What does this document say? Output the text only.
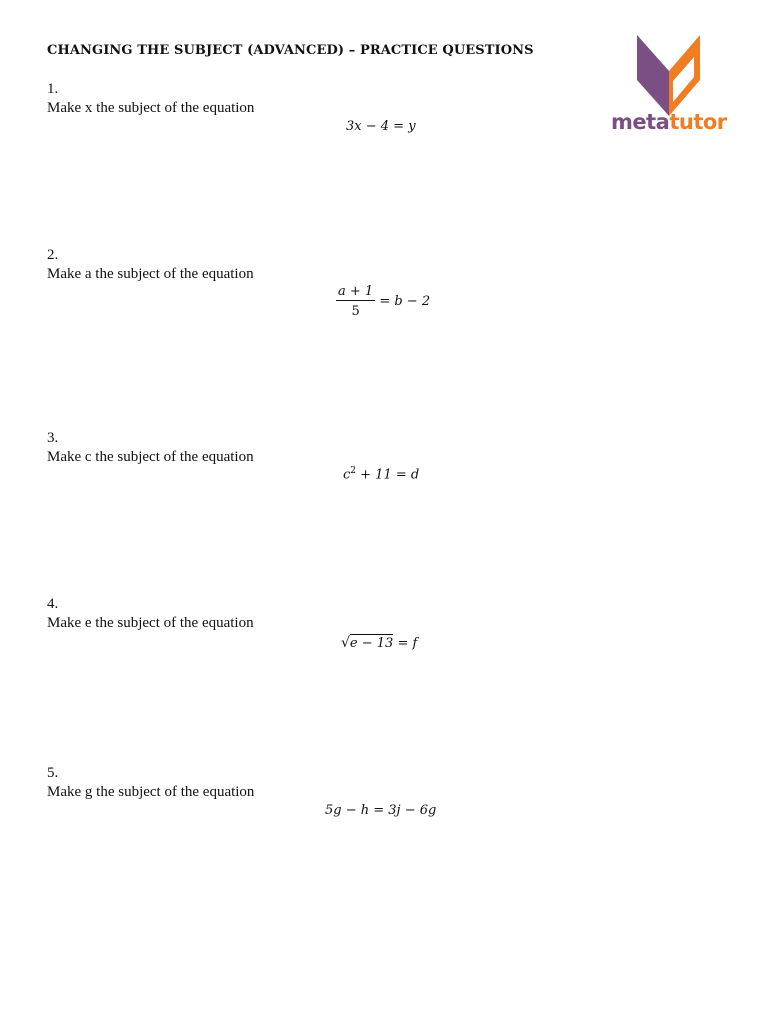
CHANGING THE SUBJECT (ADVANCED) – PRACTICE QUESTIONS
metatutor
1.
Make x the subject of the equation
3x − 4 = y
2.
Make a the subject of the equation
$\frac{a + 1}{5} = b - 2$
3.
Make c the subject of the equation
$c^2 + 11 = d$
4.
Make e the subject of the equation
√e − 13 = f
5.
Make g the subject of the equation
5g − h = 3j − 6g
